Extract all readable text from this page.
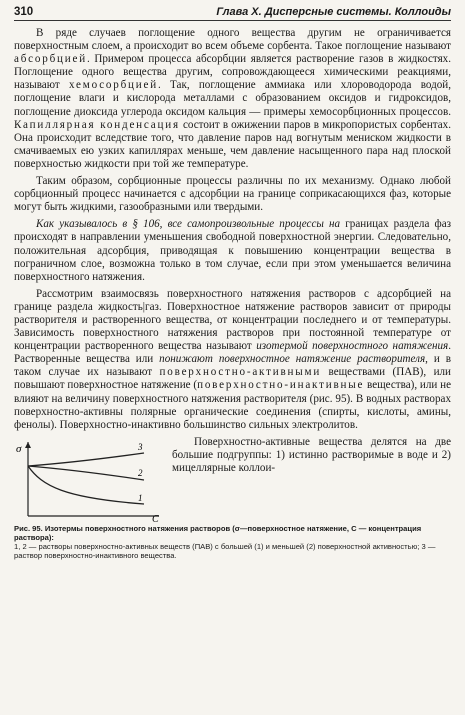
310	Глава X. Дисперсные системы. Коллоиды

В ряде случаев поглощение одного вещества другим не ограничивается поверхностным слоем, а происходит во всем объеме сорбента. Такое поглощение называют абсорбцией. Примером процесса абсорбции является растворение газов в жидкостях. Поглощение одного вещества другим, сопровождающееся химическими реакциями, называют хемосорбцией. Так, поглощение аммиака или хлороводорода водой, поглощение влаги и кислорода металлами с образованием оксидов и гидроксидов, поглощение диоксида углерода оксидом кальция — примеры хемосорбционных процессов. Капиллярная конденсация состоит в ожижении паров в микропористых сорбентах. Она происходит вследствие того, что давление паров над вогнутым мениском жидкости в смачиваемых ею узких капиллярах меньше, чем давление насыщенного пара над плоской поверхностью жидкости при той же температуре.

Таким образом, сорбционные процессы различны по их механизму. Однако любой сорбционный процесс начинается с адсорбции на границе соприкасающихся фаз, которые могут быть жидкими, газообразными или твердыми.

Как указывалось в § 106, все самопроизвольные процессы на границах раздела фаз происходят в направлении уменьшения свободной поверхностной энергии. Следовательно, положительная адсорбция, приводящая к повышению концентрации вещества в пограничном слое, возможна только в том случае, если при этом уменьшается величина поверхностного натяжения.

Рассмотрим взаимосвязь поверхностного натяжения растворов с адсорбцией на границе раздела жидкость|газ. Поверхностное натяжение растворов зависит от природы растворителя и растворенного вещества, от концентрации последнего и от температуры. Зависимость поверхностного натяжения растворов при постоянной температуре от концентрации растворенного вещества называют изотермой поверхностного натяжения. Растворенные вещества или понижают поверхностное натяжение растворителя, и в таком случае их называют поверхностно-активными веществами (ПАВ), или повышают поверхностное натяжение (поверхностно-инактивные вещества), или не влияют на величину поверхностного натяжения растворителя (рис. 95). В водных растворах поверхностно-активны полярные органические соединения (спирты, кислоты, амины, фенолы). Поверхностно-инактивно большинство сильных электролитов.

σ
C
3
2
1

Поверхностно-активные вещества делятся на две большие подгруппы: 1) истинно растворимые в воде и 2) мицеллярные коллои-

Рис. 95. Изотермы поверхностного натяжения растворов (σ—поверхностное натяжение, C — концентрация раствора):
1, 2 — растворы поверхностно-активных веществ (ПАВ) с большей (1) и меньшей (2) поверхностной активностью; 3 — раствор поверхностно-инактивного вещества.
